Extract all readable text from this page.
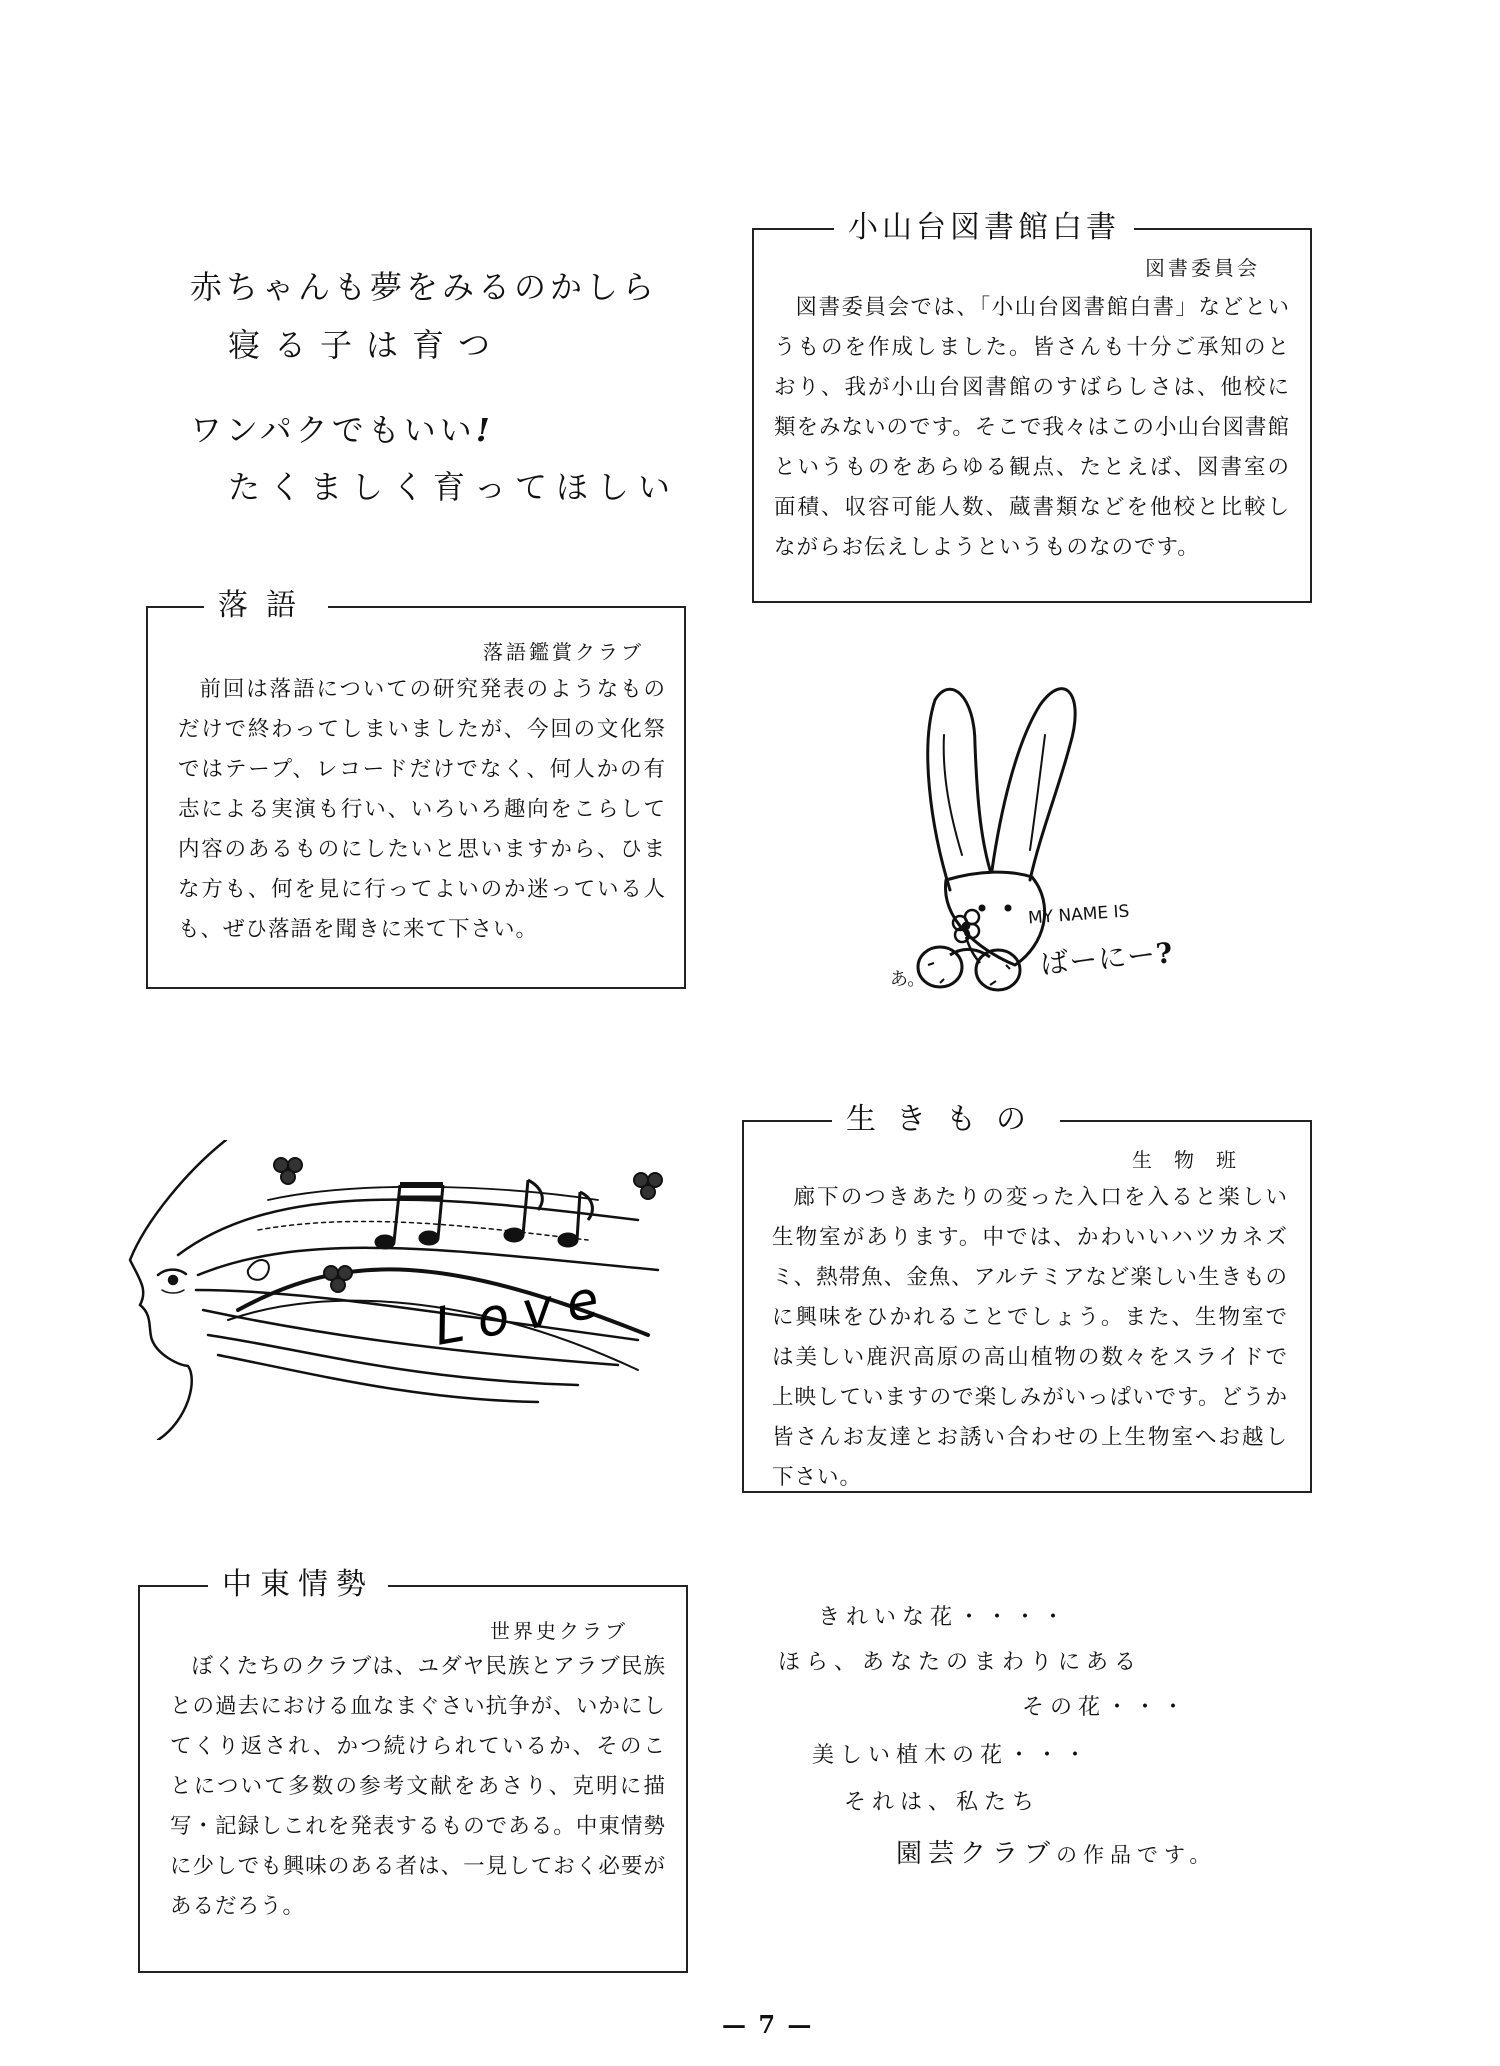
赤ちゃんも夢をみるのかしら
寝る子は育つ
ワンパクでもいい!
たくましく育ってほしい
小山台図書館白書
図書委員会
図書委員会では、「小山台図書館白書」などというものを作成しました。皆さんも十分ご承知のとおり、我が小山台図書館のすばらしさは、他校に類をみないのです。そこで我々はこの小山台図書館というものをあらゆる観点、たとえば、図書室の面積、収容可能人数、蔵書類などを他校と比較しながらお伝えしようというものなのです。
落語
落語鑑賞クラブ
前回は落語についての研究発表のようなものだけで終わってしまいましたが、今回の文化祭ではテープ、レコードだけでなく、何人かの有志による実演も行い、いろいろ趣向をこらして内容のあるものにしたいと思いますから、ひまな方も、何を見に行ってよいのか迷っている人も、ぜひ落語を聞きに来て下さい。
MY NAME IS
ばーにー?
あ。
Love
生きもの
生物班
廊下のつきあたりの変った入口を入ると楽しい生物室があります。中では、かわいいハツカネズミ、熱帯魚、金魚、アルテミアなど楽しい生きものに興味をひかれることでしょう。また、生物室では美しい鹿沢高原の高山植物の数々をスライドで上映していますので楽しみがいっぱいです。どうか皆さんお友達とお誘い合わせの上生物室へお越し下さい。
中東情勢
世界史クラブ
ぼくたちのクラブは、ユダヤ民族とアラブ民族との過去における血なまぐさい抗争が、いかにしてくり返され、かつ続けられているか、そのことについて多数の参考文献をあさり、克明に描写・記録しこれを発表するものである。中東情勢に少しでも興味のある者は、一見しておく必要があるだろう。
きれいな花・・・・
ほら、あなたのまわりにある
その花・・・
美しい植木の花・・・
それは、私たち
園芸クラブの作品です。
— 7 —
